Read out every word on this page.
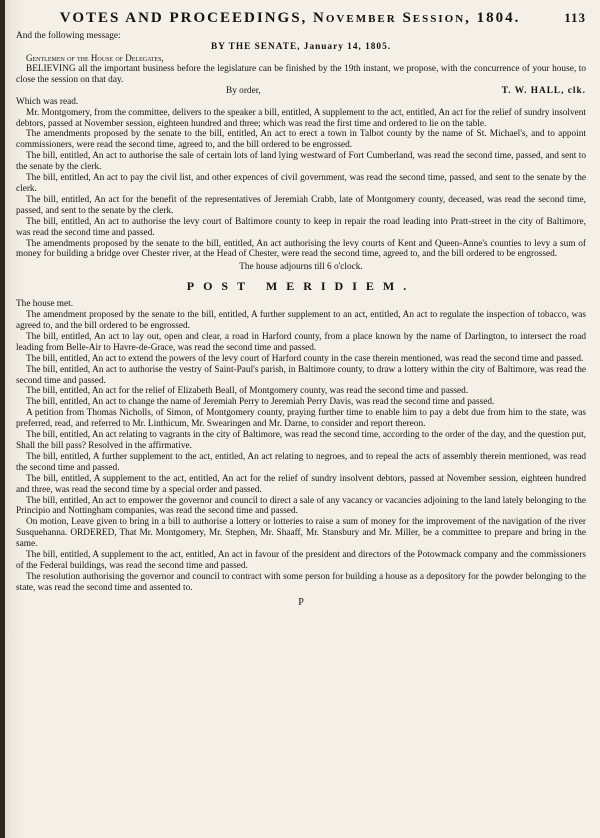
VOTES AND PROCEEDINGS, November Session, 1804.	113
And the following message:

BY THE SENATE, January 14, 1805.

Gentlemen of the House of Delegates,

BELIEVING all the important business before the legislature can be finished by the 19th instant, we propose, with the concurrence of your house, to close the session on that day.

By order,	T. W. HALL, clk.

Which was read.

Mr. Montgomery, from the committee, delivers to the speaker a bill, entitled, A supplement to the act, entitled, An act for the relief of sundry insolvent debtors, passed at November session, eighteen hundred and three; which was read the first time and ordered to lie on the table.

The amendments proposed by the senate to the bill, entitled, An act to erect a town in Talbot county by the name of St. Michael's, and to appoint commissioners, were read the second time, agreed to, and the bill ordered to be engrossed.

The bill, entitled, An act to authorise the sale of certain lots of land lying westward of Fort Cumberland, was read the second time, passed, and sent to the senate by the clerk.

The bill, entitled, An act to pay the civil list, and other expences of civil government, was read the second time, passed, and sent to the senate by the clerk.

The bill, entitled, An act for the benefit of the representatives of Jeremiah Crabb, late of Montgomery county, deceased, was read the second time, passed, and sent to the senate by the clerk.

The bill, entitled, An act to authorise the levy court of Baltimore county to keep in repair the road leading into Pratt-street in the city of Baltimore, was read the second time and passed.

The amendments proposed by the senate to the bill, entitled, An act authorising the levy courts of Kent and Queen-Anne's counties to levy a sum of money for building a bridge over Chester river, at the Head of Chester, were read the second time, agreed to, and the bill ordered to be engrossed.

The house adjourns till 6 o'clock.

POST MERIDIEM.

The house met.

The amendment proposed by the senate to the bill, entitled, A further supplement to an act, entitled, An act to regulate the inspection of tobacco, was agreed to, and the bill ordered to be engrossed.

The bill, entitled, An act to lay out, open and clear, a road in Harford county, from a place known by the name of Darlington, to intersect the road leading from Belle-Air to Havre-de-Grace, was read the second time and passed.

The bill, entitled, An act to extend the powers of the levy court of Harford county in the case therein mentioned, was read the second time and passed.

The bill, entitled, An act to authorise the vestry of Saint-Paul's parish, in Baltimore county, to draw a lottery within the city of Baltimore, was read the second time and passed.

The bill, entitled, An act for the relief of Elizabeth Beall, of Montgomery county, was read the second time and passed.

The bill, entitled, An act to change the name of Jeremiah Perry to Jeremiah Perry Davis, was read the second time and passed.

A petition from Thomas Nicholls, of Simon, of Montgomery county, praying further time to enable him to pay a debt due from him to the state, was preferred, read, and referred to Mr. Linthicum, Mr. Swearingen and Mr. Darne, to consider and report thereon.

The bill, entitled, An act relating to vagrants in the city of Baltimore, was read the second time, according to the order of the day, and the question put, Shall the bill pass? Resolved in the affirmative.

The bill, entitled, A further supplement to the act, entitled, An act relating to negroes, and to repeal the acts of assembly therein mentioned, was read the second time and passed.

The bill, entitled, A supplement to the act, entitled, An act for the relief of sundry insolvent debtors, passed at November session, eighteen hundred and three, was read the second time by a special order and passed.

The bill, entitled, An act to empower the governor and council to direct a sale of any vacancy or vacancies adjoining to the land lately belonging to the Principio and Nottingham companies, was read the second time and passed.

On motion, Leave given to bring in a bill to authorise a lottery or lotteries to raise a sum of money for the improvement of the navigation of the river Susquehanna. ORDERED, That Mr. Montgomery, Mr. Stephen, Mr. Shaaff, Mr. Stansbury and Mr. Miller, be a committee to prepare and bring in the same.

The bill, entitled, A supplement to the act, entitled, An act in favour of the president and directors of the Potowmack company and the commissioners of the Federal buildings, was read the second time and passed.

The resolution authorising the governor and council to contract with some person for building a house as a depository for the powder belonging to the state, was read the second time and assented to.

P
